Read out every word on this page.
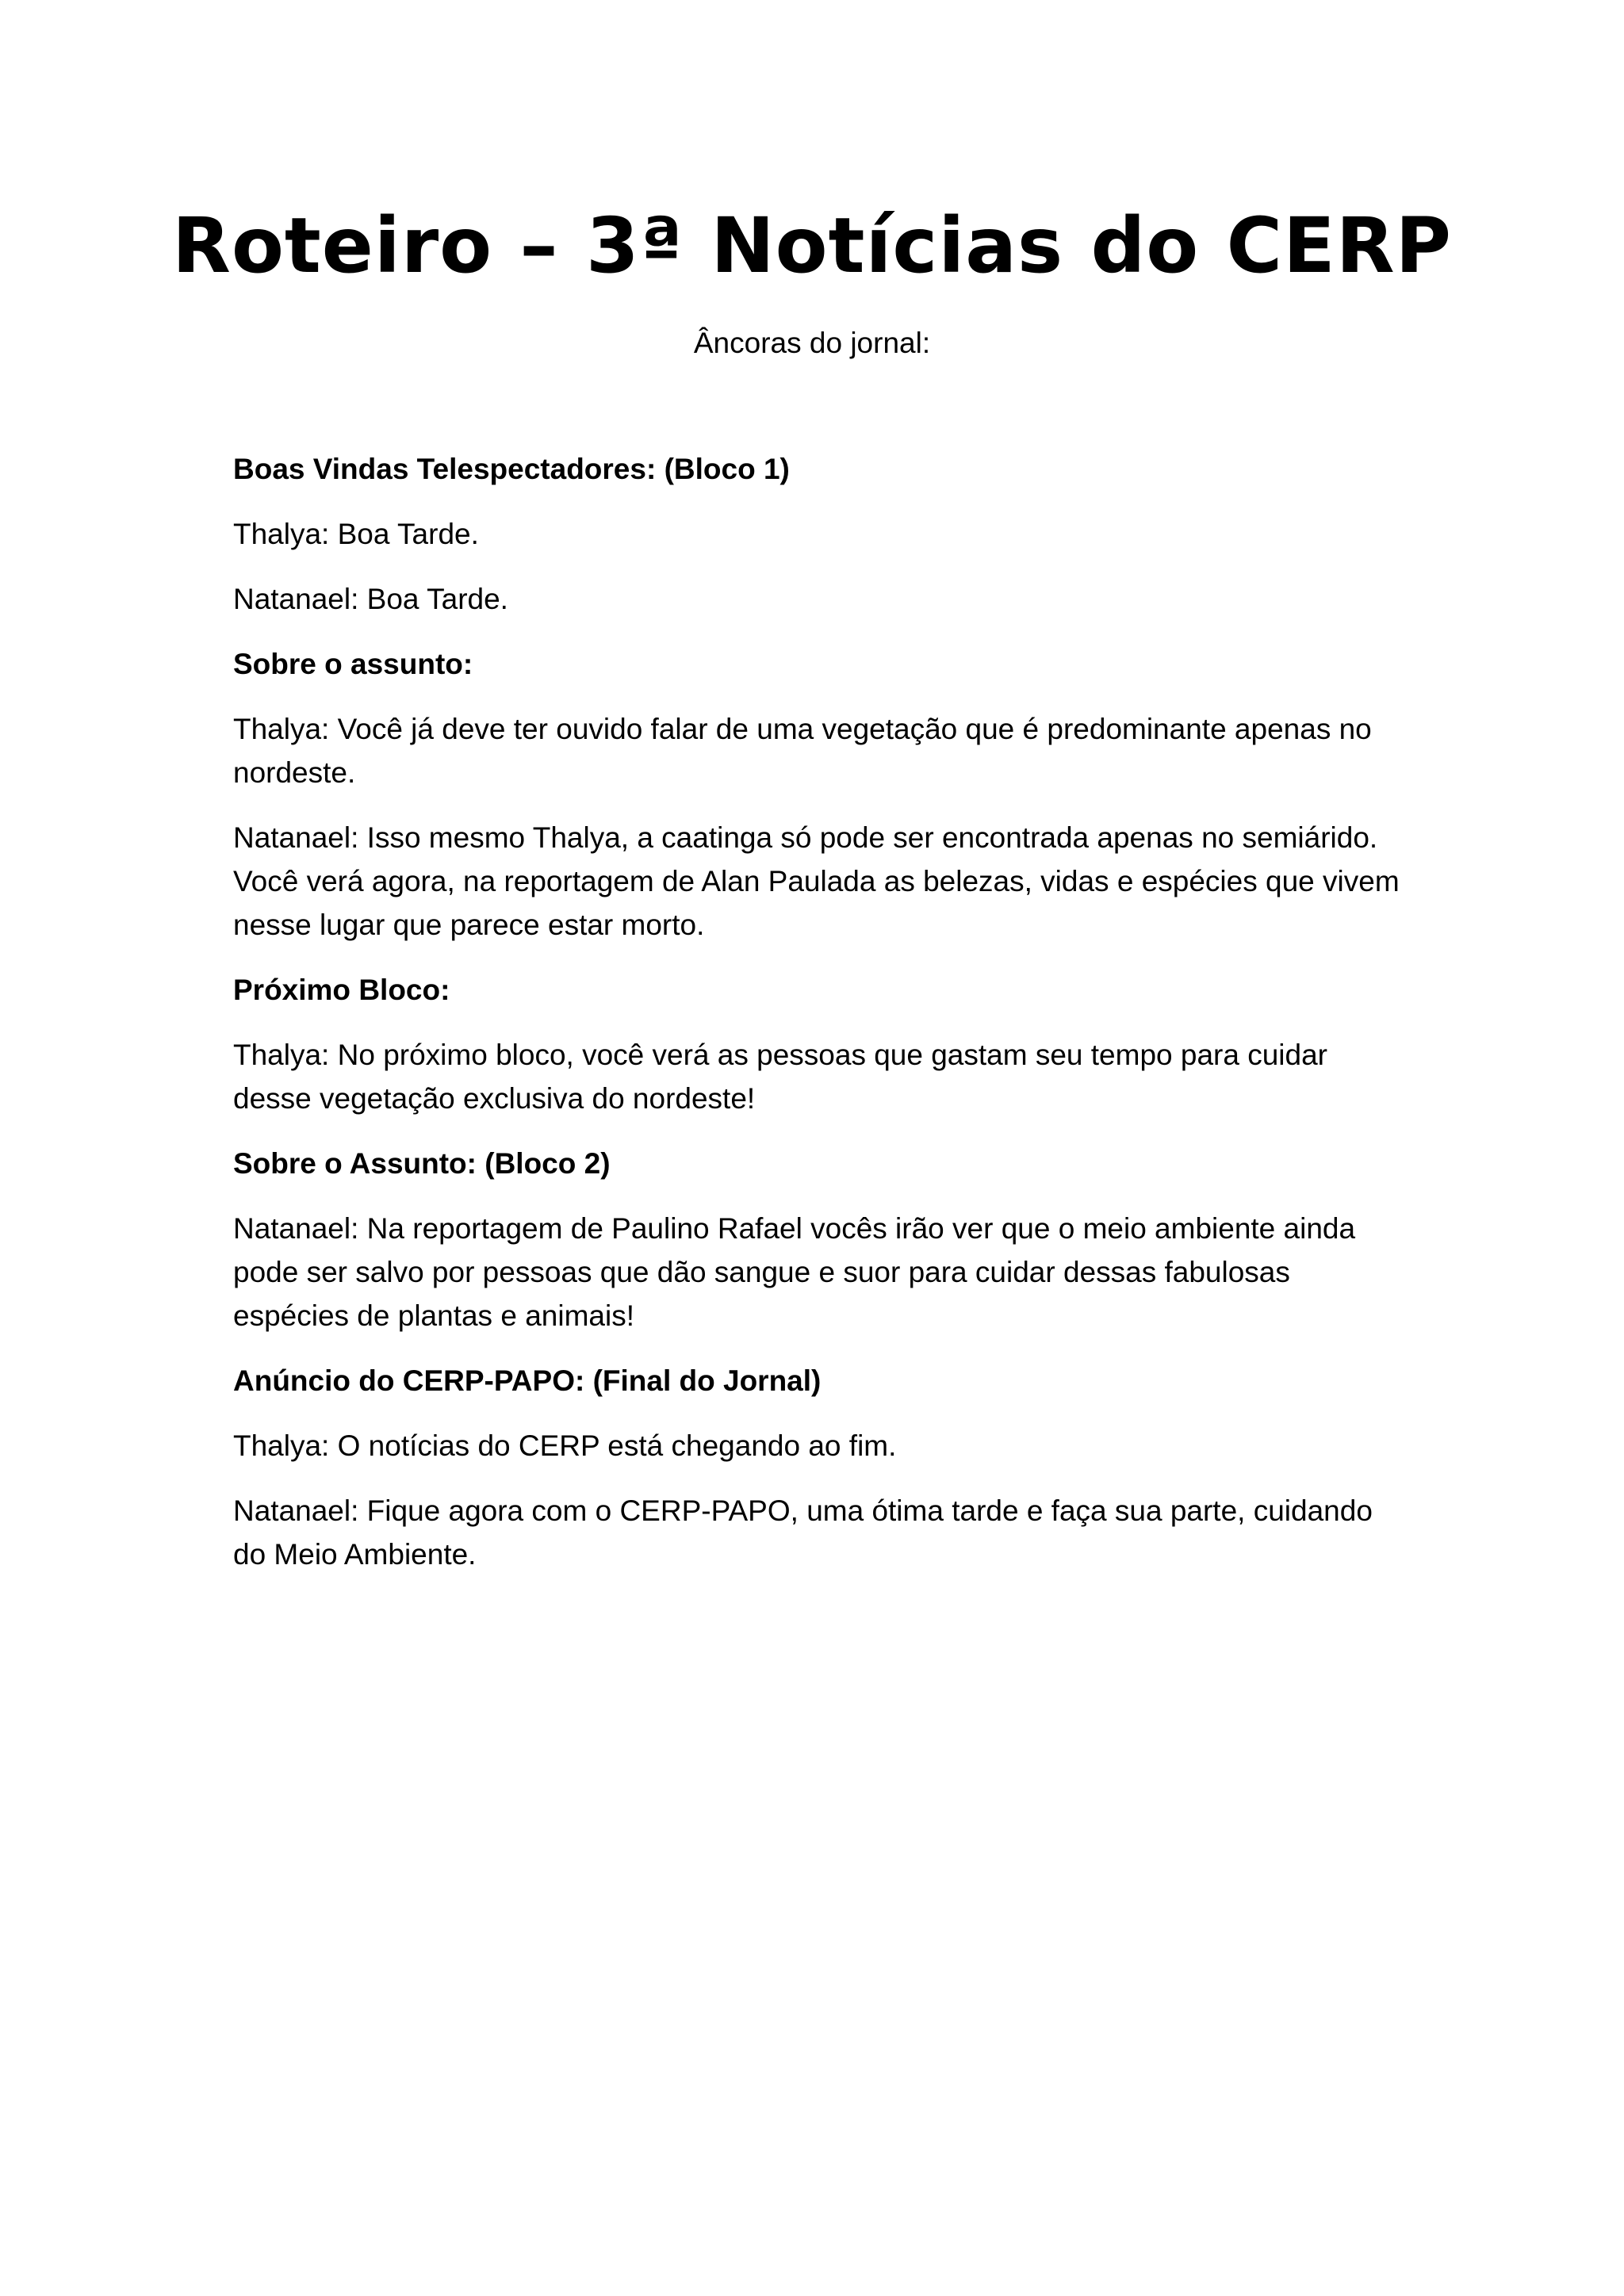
Roteiro – 3ª Notícias do CERP
Âncoras do jornal:

Boas Vindas Telespectadores: (Bloco 1)

Thalya: Boa Tarde.

Natanael: Boa Tarde.

Sobre o assunto:

Thalya: Você já deve ter ouvido falar de uma vegetação que é predominante apenas no nordeste.

Natanael: Isso mesmo Thalya, a caatinga só pode ser encontrada apenas no semiárido. Você verá agora, na reportagem de Alan Paulada as belezas, vidas e espécies que vivem nesse lugar que parece estar morto.

Próximo Bloco:

Thalya: No próximo bloco, você verá as pessoas que gastam seu tempo para cuidar desse vegetação exclusiva do nordeste!

Sobre o Assunto: (Bloco 2)

Natanael: Na reportagem de Paulino Rafael vocês irão ver que o meio ambiente ainda pode ser salvo por pessoas que dão sangue e suor para cuidar dessas fabulosas espécies de plantas e animais!

Anúncio do CERP-PAPO: (Final do Jornal)

Thalya: O notícias do CERP está chegando ao fim.

Natanael: Fique agora com o CERP-PAPO, uma ótima tarde e faça sua parte, cuidando do Meio Ambiente.
